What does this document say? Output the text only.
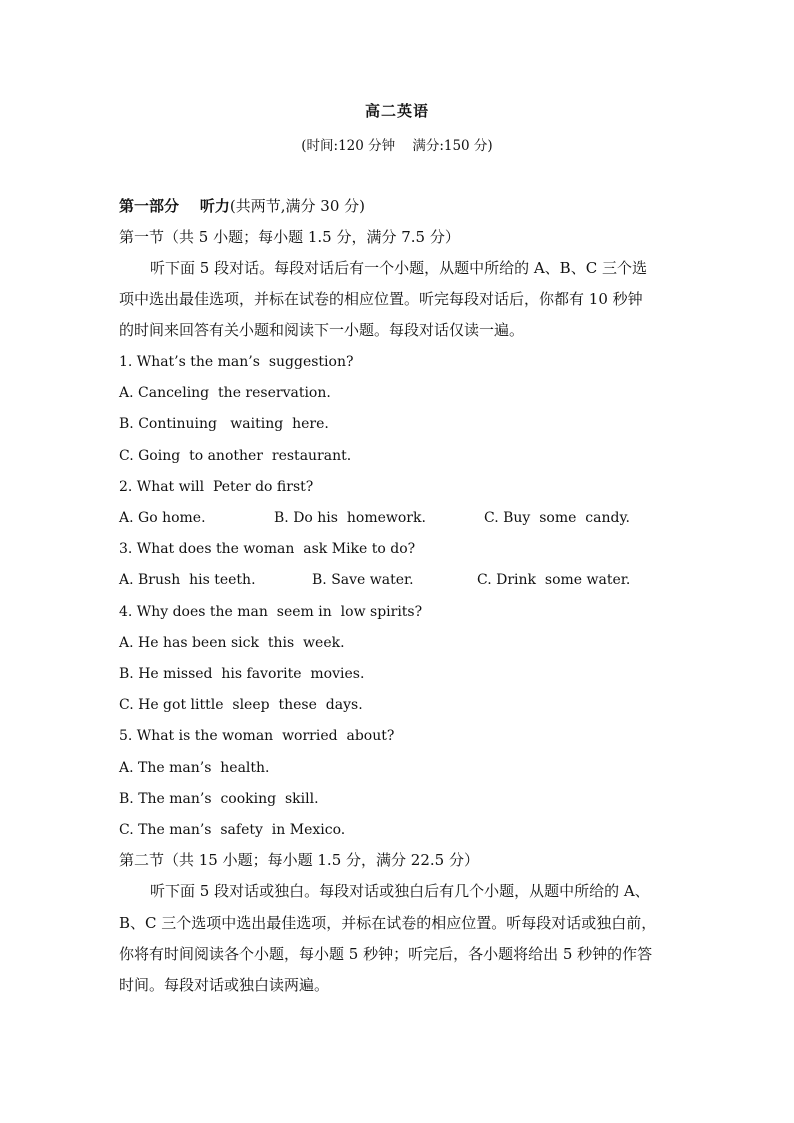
高二英语
(时间:120 分钟    满分:150 分)
第一部分    听力(共两节,满分 30 分)
第一节（共 5 小题；每小题 1.5 分，满分 7.5 分）
听下面 5 段对话。每段对话后有一个小题，从题中所给的 A、B、C 三个选
项中选出最佳选项，并标在试卷的相应位置。听完每段对话后，你都有 10 秒钟
的时间来回答有关小题和阅读下一小题。每段对话仅读一遍。
1. What’s the man’s  suggestion?
A. Canceling  the reservation.
B. Continuing   waiting  here.
C. Going  to another  restaurant.
2. What will  Peter do first?
A. Go home.	B. Do his  homework.	C. Buy  some  candy.
3. What does the woman  ask Mike to do?
A. Brush  his teeth.	B. Save water.	C. Drink  some water.
4. Why does the man  seem in  low spirits?
A. He has been sick  this  week.
B. He missed  his favorite  movies.
C. He got little  sleep  these  days.
5. What is the woman  worried  about?
A. The man’s  health.
B. The man’s  cooking  skill.
C. The man’s  safety  in Mexico.
第二节（共 15 小题；每小题 1.5 分，满分 22.5 分）
听下面 5 段对话或独白。每段对话或独白后有几个小题，从题中所给的 A、
B、C 三个选项中选出最佳选项，并标在试卷的相应位置。听每段对话或独白前，
你将有时间阅读各个小题，每小题 5 秒钟；听完后，各小题将给出 5 秒钟的作答
时间。每段对话或独白读两遍。
